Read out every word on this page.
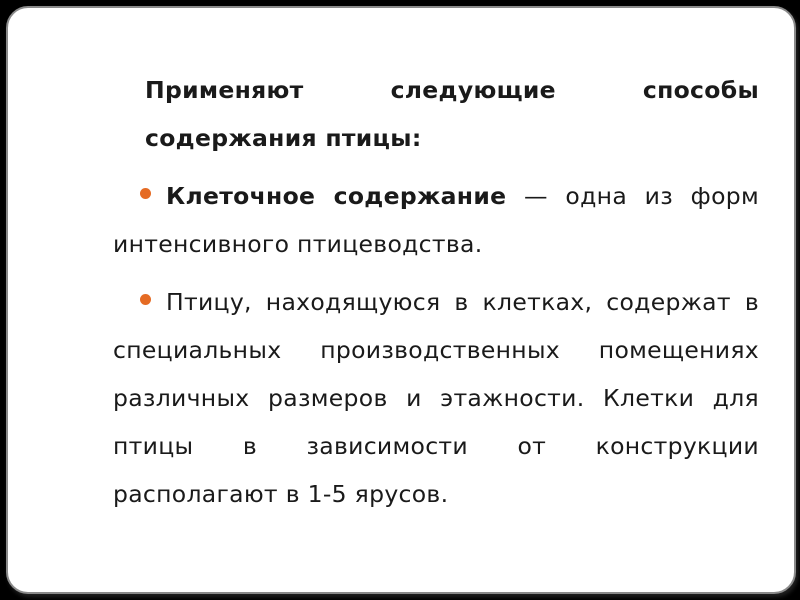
Применяют следующие способы содержания птицы:
Клеточное содержание — одна из форм интенсивного птицеводства.
Птицу, находящуюся в клетках, содержат в специальных производственных помещениях различных размеров и этажности. Клетки для птицы в зависимости от конструкции располагают в 1-5 ярусов.
